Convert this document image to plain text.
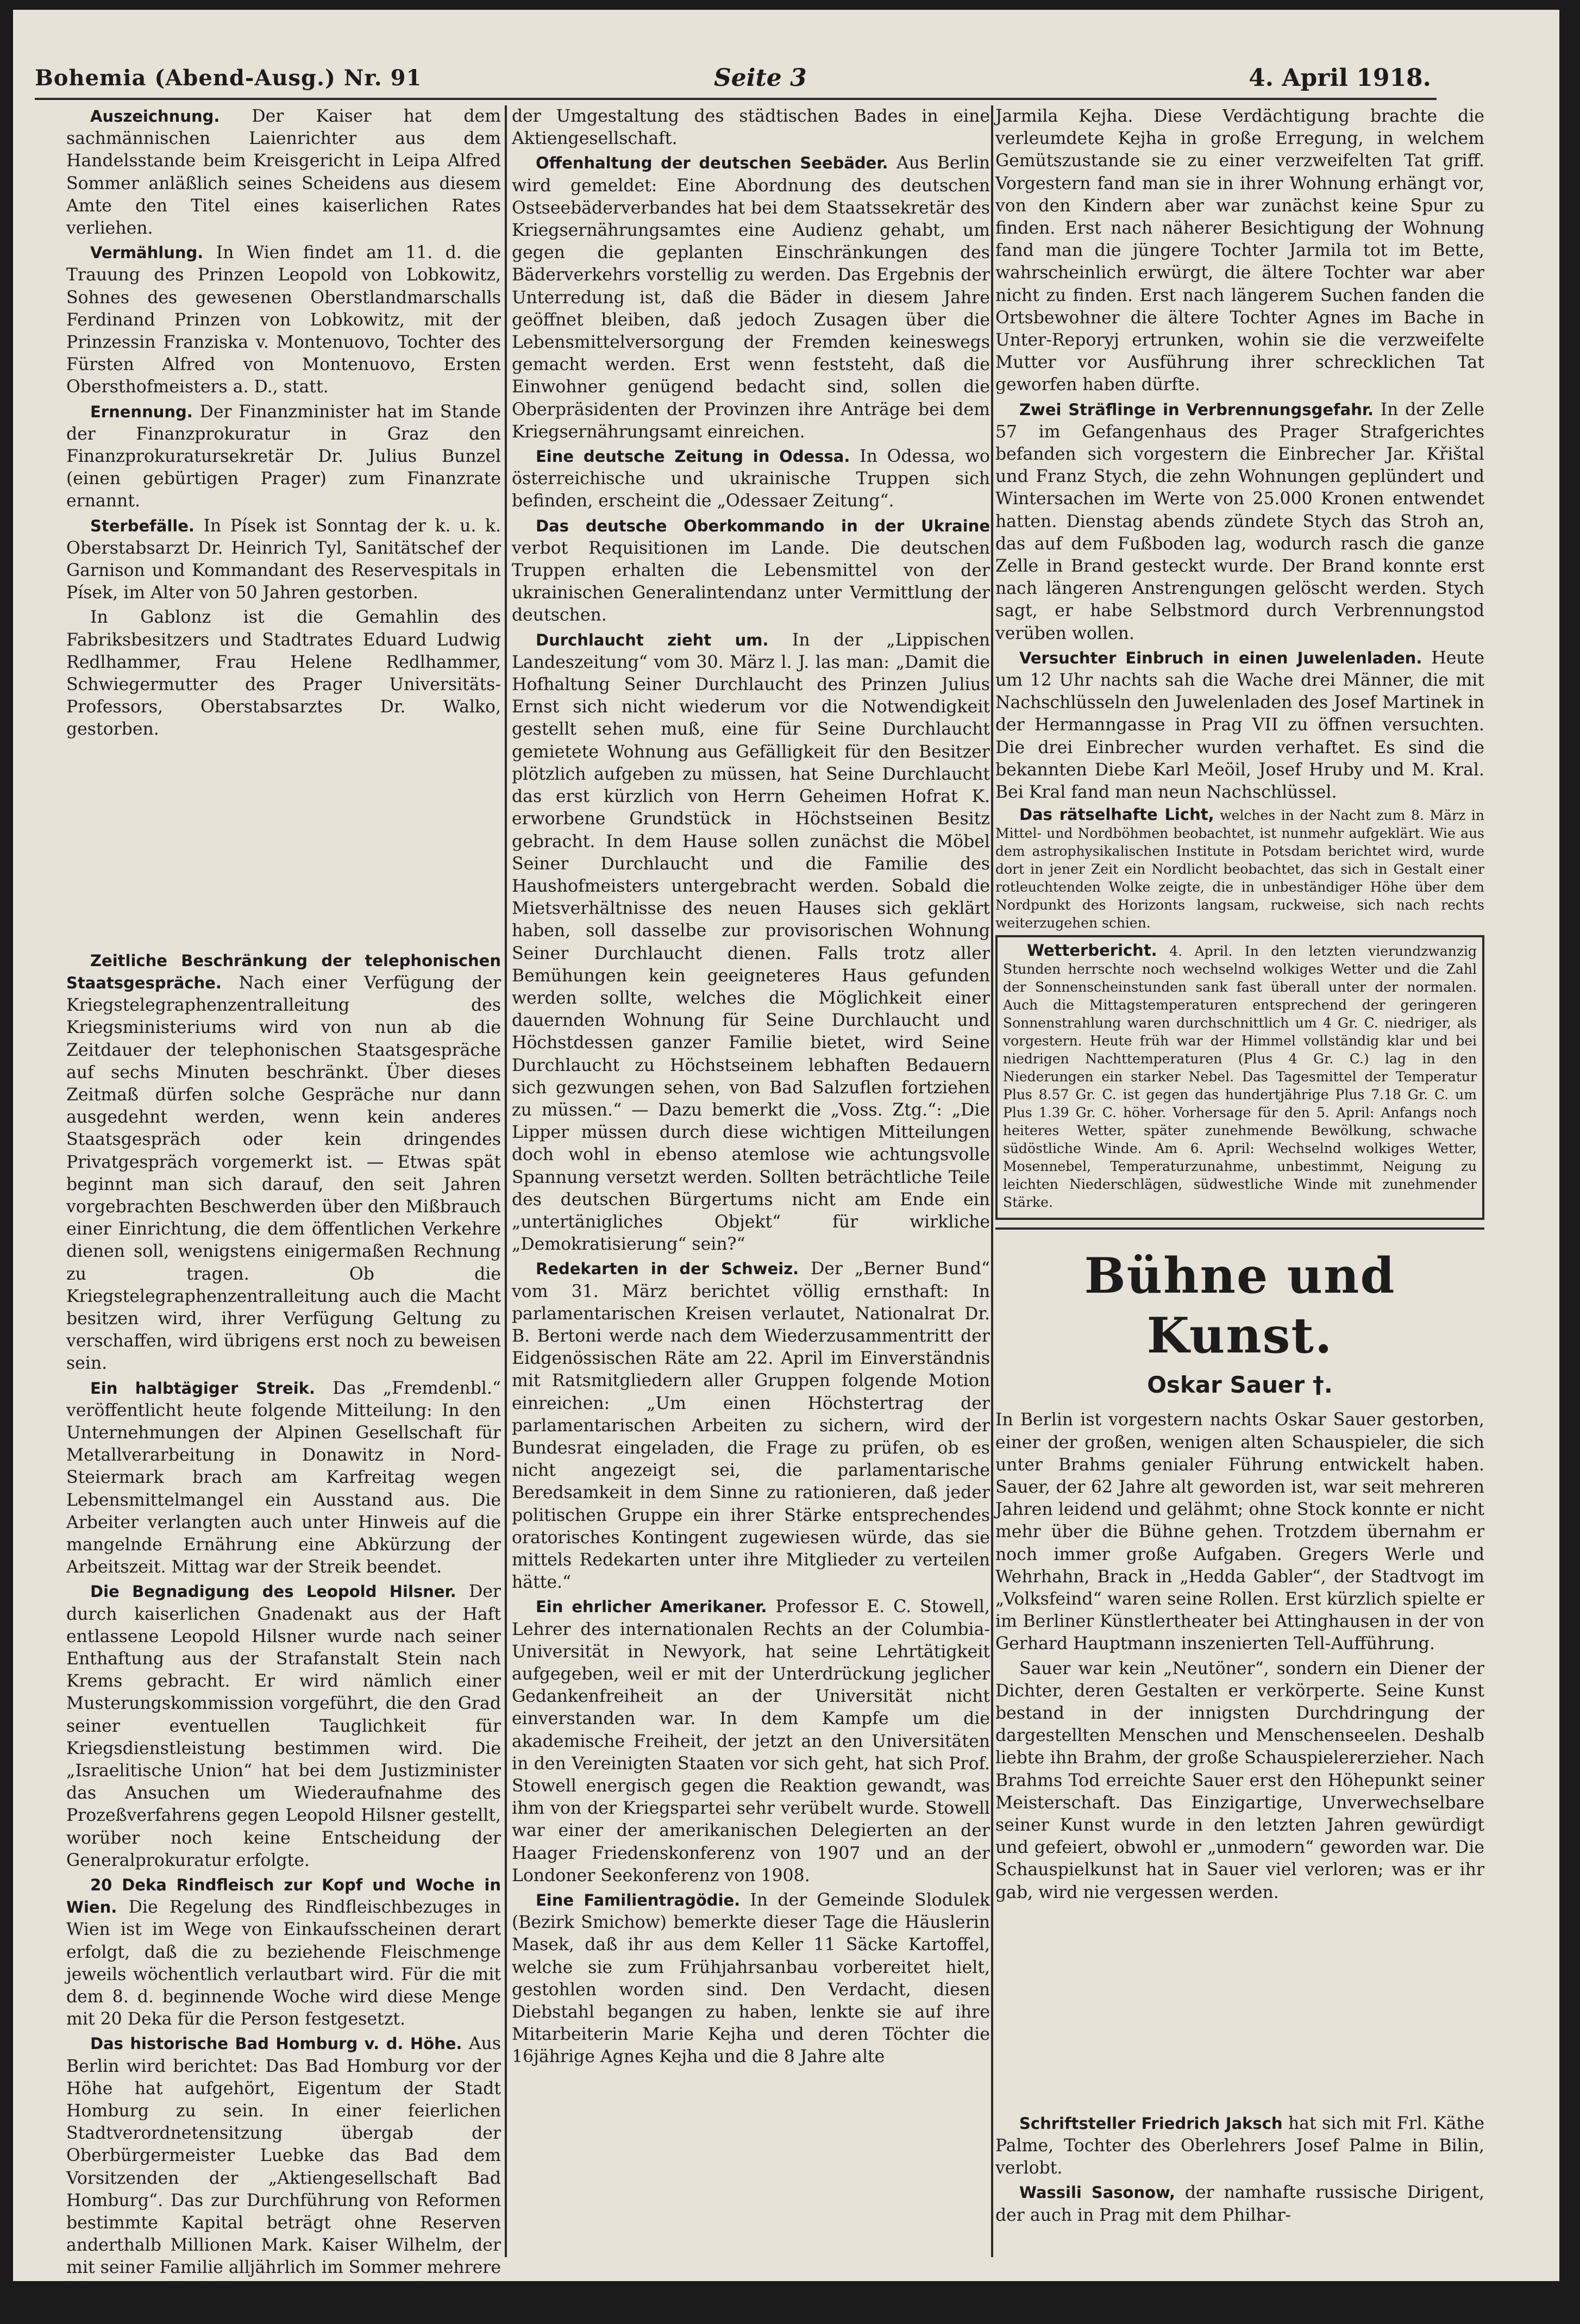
Bohemia (Abend-Ausg.) Nr. 91	Seite 3	4. April 1918.

Auszeichnung. Der Kaiser hat dem sachmännischen Laienrichter aus dem Handelsstande beim Kreisgericht in Leipa Alfred Sommer anläßlich seines Scheidens aus diesem Amte den Titel eines kaiserlichen Rates verliehen.

Vermählung. In Wien findet am 11. d. die Trauung des Prinzen Leopold von Lobkowitz, Sohnes des gewesenen Oberstlandmarschalls Ferdinand Prinzen von Lobkowitz, mit der Prinzessin Franziska v. Montenuovo, Tochter des Fürsten Alfred von Montenuovo, Ersten Obersthofmeisters a. D., statt.

Ernennung. Der Finanzminister hat im Stande der Finanzprokuratur in Graz den Finanzprokuratursekretär Dr. Julius Bunzel (einen gebürtigen Prager) zum Finanzrate ernannt.

Sterbefälle. In Písek ist Sonntag der k. u. k. Oberstabsarzt Dr. Heinrich Tyl, Sanitätschef der Garnison und Kommandant des Reservespitals in Písek, im Alter von 50 Jahren gestorben.

In Gablonz ist die Gemahlin des Fabriksbesitzers und Stadtrates Eduard Ludwig Redlhammer, Frau Helene Redlhammer, Schwiegermutter des Prager Universitäts-Professors, Oberstabsarztes Dr. Walko, gestorben.

Zeitliche Beschränkung der telephonischen Staatsgespräche. Nach einer Verfügung der Kriegstelegraphenzentralleitung des Kriegsministeriums wird von nun ab die Zeitdauer der telephonischen Staatsgespräche auf sechs Minuten beschränkt. Über dieses Zeitmaß dürfen solche Gespräche nur dann ausgedehnt werden, wenn kein anderes Staatsgespräch oder kein dringendes Privatgespräch vorgemerkt ist. — Etwas spät beginnt man sich darauf, den seit Jahren vorgebrachten Beschwerden über den Mißbrauch einer Einrichtung, die dem öffentlichen Verkehre dienen soll, wenigstens einigermaßen Rechnung zu tragen. Ob die Kriegstelegraphenzentralleitung auch die Macht besitzen wird, ihrer Verfügung Geltung zu verschaffen, wird übrigens erst noch zu beweisen sein.

Ein halbtägiger Streik. Das „Fremdenbl.“ veröffentlicht heute folgende Mitteilung: In den Unternehmungen der Alpinen Gesellschaft für Metallverarbeitung in Donawitz in Nord-Steiermark brach am Karfreitag wegen Lebensmittelmangel ein Ausstand aus. Die Arbeiter verlangten auch unter Hinweis auf die mangelnde Ernährung eine Abkürzung der Arbeitszeit. Mittag war der Streik beendet.

Die Begnadigung des Leopold Hilsner. Der durch kaiserlichen Gnadenakt aus der Haft entlassene Leopold Hilsner wurde nach seiner Enthaftung aus der Strafanstalt Stein nach Krems gebracht. Er wird nämlich einer Musterungskommission vorgeführt, die den Grad seiner eventuellen Tauglichkeit für Kriegsdienstleistung bestimmen wird. Die „Israelitische Union“ hat bei dem Justizminister das Ansuchen um Wiederaufnahme des Prozeßverfahrens gegen Leopold Hilsner gestellt, worüber noch keine Entscheidung der Generalprokuratur erfolgte.

20 Deka Rindfleisch zur Kopf und Woche in Wien. Die Regelung des Rindfleischbezuges in Wien ist im Wege von Einkaufsscheinen derart erfolgt, daß die zu beziehende Fleischmenge jeweils wöchentlich verlautbart wird. Für die mit dem 8. d. beginnende Woche wird diese Menge mit 20 Deka für die Person festgesetzt.

Das historische Bad Homburg v. d. Höhe. Aus Berlin wird berichtet: Das Bad Homburg vor der Höhe hat aufgehört, Eigentum der Stadt Homburg zu sein. In einer feierlichen Stadtverordnetensitzung übergab der Oberbürgermeister Luebke das Bad dem Vorsitzenden der „Aktiengesellschaft Bad Homburg“. Das zur Durchführung von Reformen bestimmte Kapital beträgt ohne Reserven anderthalb Millionen Mark. Kaiser Wilhelm, der mit seiner Familie alljährlich im Sommer mehrere Wochen in Bad Homburg zu weilen pflegt, war ein Förderer

der Umgestaltung des städtischen Bades in eine Aktiengesellschaft.

Offenhaltung der deutschen Seebäder. Aus Berlin wird gemeldet: Eine Abordnung des deutschen Ostseebäderverbandes hat bei dem Staatssekretär des Kriegsernährungsamtes eine Audienz gehabt, um gegen die geplanten Einschränkungen des Bäderverkehrs vorstellig zu werden. Das Ergebnis der Unterredung ist, daß die Bäder in diesem Jahre geöffnet bleiben, daß jedoch Zusagen über die Lebensmittelversorgung der Fremden keineswegs gemacht werden. Erst wenn feststeht, daß die Einwohner genügend bedacht sind, sollen die Oberpräsidenten der Provinzen ihre Anträge bei dem Kriegsernährungsamt einreichen.

Eine deutsche Zeitung in Odessa. In Odessa, wo österreichische und ukrainische Truppen sich befinden, erscheint die „Odessaer Zeitung“.

Das deutsche Oberkommando in der Ukraine verbot Requisitionen im Lande. Die deutschen Truppen erhalten die Lebensmittel von der ukrainischen Generalintendanz unter Vermittlung der deutschen.

Durchlaucht zieht um. In der „Lippischen Landeszeitung“ vom 30. März l. J. las man: „Damit die Hofhaltung Seiner Durchlaucht des Prinzen Julius Ernst sich nicht wiederum vor die Notwendigkeit gestellt sehen muß, eine für Seine Durchlaucht gemietete Wohnung aus Gefälligkeit für den Besitzer plötzlich aufgeben zu müssen, hat Seine Durchlaucht das erst kürzlich von Herrn Geheimen Hofrat K. erworbene Grundstück in Höchstseinen Besitz gebracht. In dem Hause sollen zunächst die Möbel Seiner Durchlaucht und die Familie des Haushofmeisters untergebracht werden. Sobald die Mietsverhältnisse des neuen Hauses sich geklärt haben, soll dasselbe zur provisorischen Wohnung Seiner Durchlaucht dienen. Falls trotz aller Bemühungen kein geeigneteres Haus gefunden werden sollte, welches die Möglichkeit einer dauernden Wohnung für Seine Durchlaucht und Höchstdessen ganzer Familie bietet, wird Seine Durchlaucht zu Höchstseinem lebhaften Bedauern sich gezwungen sehen, von Bad Salzuflen fortziehen zu müssen.“ — Dazu bemerkt die „Voss. Ztg.“: „Die Lipper müssen durch diese wichtigen Mitteilungen doch wohl in ebenso atemlose wie achtungsvolle Spannung versetzt werden. Sollten beträchtliche Teile des deutschen Bürgertums nicht am Ende ein „untertänigliches Objekt“ für wirkliche „Demokratisierung“ sein?“

Redekarten in der Schweiz. Der „Berner Bund“ vom 31. März berichtet völlig ernsthaft: In parlamentarischen Kreisen verlautet, Nationalrat Dr. B. Bertoni werde nach dem Wiederzusammentritt der Eidgenössischen Räte am 22. April im Einverständnis mit Ratsmitgliedern aller Gruppen folgende Motion einreichen: „Um einen Höchstertrag der parlamentarischen Arbeiten zu sichern, wird der Bundesrat eingeladen, die Frage zu prüfen, ob es nicht angezeigt sei, die parlamentarische Beredsamkeit in dem Sinne zu rationieren, daß jeder politischen Gruppe ein ihrer Stärke entsprechendes oratorisches Kontingent zugewiesen würde, das sie mittels Redekarten unter ihre Mitglieder zu verteilen hätte.“

Ein ehrlicher Amerikaner. Professor E. C. Stowell, Lehrer des internationalen Rechts an der Columbia-Universität in Newyork, hat seine Lehrtätigkeit aufgegeben, weil er mit der Unterdrückung jeglicher Gedankenfreiheit an der Universität nicht einverstanden war. In dem Kampfe um die akademische Freiheit, der jetzt an den Universitäten in den Vereinigten Staaten vor sich geht, hat sich Prof. Stowell energisch gegen die Reaktion gewandt, was ihm von der Kriegspartei sehr verübelt wurde. Stowell war einer der amerikanischen Delegierten an der Haager Friedenskonferenz von 1907 und an der Londoner Seekonferenz von 1908.

Eine Familientragödie. In der Gemeinde Slodulek (Bezirk Smichow) bemerkte dieser Tage die Häuslerin Masek, daß ihr aus dem Keller 11 Säcke Kartoffel, welche sie zum Frühjahrsanbau vorbereitet hielt, gestohlen worden sind. Den Verdacht, diesen Diebstahl begangen zu haben, lenkte sie auf ihre Mitarbeiterin Marie Kejha und deren Töchter die 16jährige Agnes Kejha und die 8 Jahre alte

Jarmila Kejha. Diese Verdächtigung brachte die verleumdete Kejha in große Erregung, in welchem Gemütszustande sie zu einer verzweifelten Tat griff. Vorgestern fand man sie in ihrer Wohnung erhängt vor, von den Kindern aber war zunächst keine Spur zu finden. Erst nach näherer Besichtigung der Wohnung fand man die jüngere Tochter Jarmila tot im Bette, wahrscheinlich erwürgt, die ältere Tochter war aber nicht zu finden. Erst nach längerem Suchen fanden die Ortsbewohner die ältere Tochter Agnes im Bache in Unter-Reporyj ertrunken, wohin sie die verzweifelte Mutter vor Ausführung ihrer schrecklichen Tat geworfen haben dürfte.

Zwei Sträflinge in Verbrennungsgefahr. In der Zelle 57 im Gefangenhaus des Prager Strafgerichtes befanden sich vorgestern die Einbrecher Jar. Křištal und Franz Stych, die zehn Wohnungen geplündert und Wintersachen im Werte von 25.000 Kronen entwendet hatten. Dienstag abends zündete Stych das Stroh an, das auf dem Fußboden lag, wodurch rasch die ganze Zelle in Brand gesteckt wurde. Der Brand konnte erst nach längeren Anstrengungen gelöscht werden. Stych sagt, er habe Selbstmord durch Verbrennungstod verüben wollen.

Versuchter Einbruch in einen Juwelenladen. Heute um 12 Uhr nachts sah die Wache drei Männer, die mit Nachschlüsseln den Juwelenladen des Josef Martinek in der Hermanngasse in Prag VII zu öffnen versuchten. Die drei Einbrecher wurden verhaftet. Es sind die bekannten Diebe Karl Meöil, Josef Hruby und M. Kral. Bei Kral fand man neun Nachschlüssel.

Das rätselhafte Licht, welches in der Nacht zum 8. März in Mittel- und Nordböhmen beobachtet, ist nunmehr aufgeklärt. Wie aus dem astrophysikalischen Institute in Potsdam berichtet wird, wurde dort in jener Zeit ein Nordlicht beobachtet, das sich in Gestalt einer rotleuchtenden Wolke zeigte, die in unbeständiger Höhe über dem Nordpunkt des Horizonts langsam, ruckweise, sich nach rechts weiterzugehen schien.

Wetterbericht. 4. April. In den letzten vierundzwanzig Stunden herrschte noch wechselnd wolkiges Wetter und die Zahl der Sonnenscheinstunden sank fast überall unter der normalen. Auch die Mittagstemperaturen entsprechend der geringeren Sonnenstrahlung waren durchschnittlich um 4 Gr. C. niedriger, als vorgestern. Heute früh war der Himmel vollständig klar und bei niedrigen Nachttemperaturen (Plus 4 Gr. C.) lag in den Niederungen ein starker Nebel. Das Tagesmittel der Temperatur Plus 8.57 Gr. C. ist gegen das hundertjährige Plus 7.18 Gr. C. um Plus 1.39 Gr. C. höher. Vorhersage für den 5. April: Anfangs noch heiteres Wetter, später zunehmende Bewölkung, schwache südöstliche Winde. Am 6. April: Wechselnd wolkiges Wetter, Mosennebel, Temperaturzunahme, unbestimmt, Neigung zu leichten Niederschlägen, südwestliche Winde mit zunehmender Stärke.

Bühne und Kunst.
Oskar Sauer †.

In Berlin ist vorgestern nachts Oskar Sauer gestorben, einer der großen, wenigen alten Schauspieler, die sich unter Brahms genialer Führung entwickelt haben. Sauer, der 62 Jahre alt geworden ist, war seit mehreren Jahren leidend und gelähmt; ohne Stock konnte er nicht mehr über die Bühne gehen. Trotzdem übernahm er noch immer große Aufgaben. Gregers Werle und Wehrhahn, Brack in „Hedda Gabler“, der Stadtvogt im „Volksfeind“ waren seine Rollen. Erst kürzlich spielte er im Berliner Künstlertheater bei Attinghausen in der von Gerhard Hauptmann inszenierten Tell-Aufführung.

Sauer war kein „Neutöner“, sondern ein Diener der Dichter, deren Gestalten er verkörperte. Seine Kunst bestand in der innigsten Durchdringung der dargestellten Menschen und Menschenseelen. Deshalb liebte ihn Brahm, der große Schauspielererzieher. Nach Brahms Tod erreichte Sauer erst den Höhepunkt seiner Meisterschaft. Das Einzigartige, Unverwechselbare seiner Kunst wurde in den letzten Jahren gewürdigt und gefeiert, obwohl er „unmodern“ geworden war. Die Schauspielkunst hat in Sauer viel verloren; was er ihr gab, wird nie vergessen werden.

Schriftsteller Friedrich Jaksch hat sich mit Frl. Käthe Palme, Tochter des Oberlehrers Josef Palme in Bilin, verlobt.

Wassili Sasonow, der namhafte russische Dirigent, der auch in Prag mit dem Philhar-
